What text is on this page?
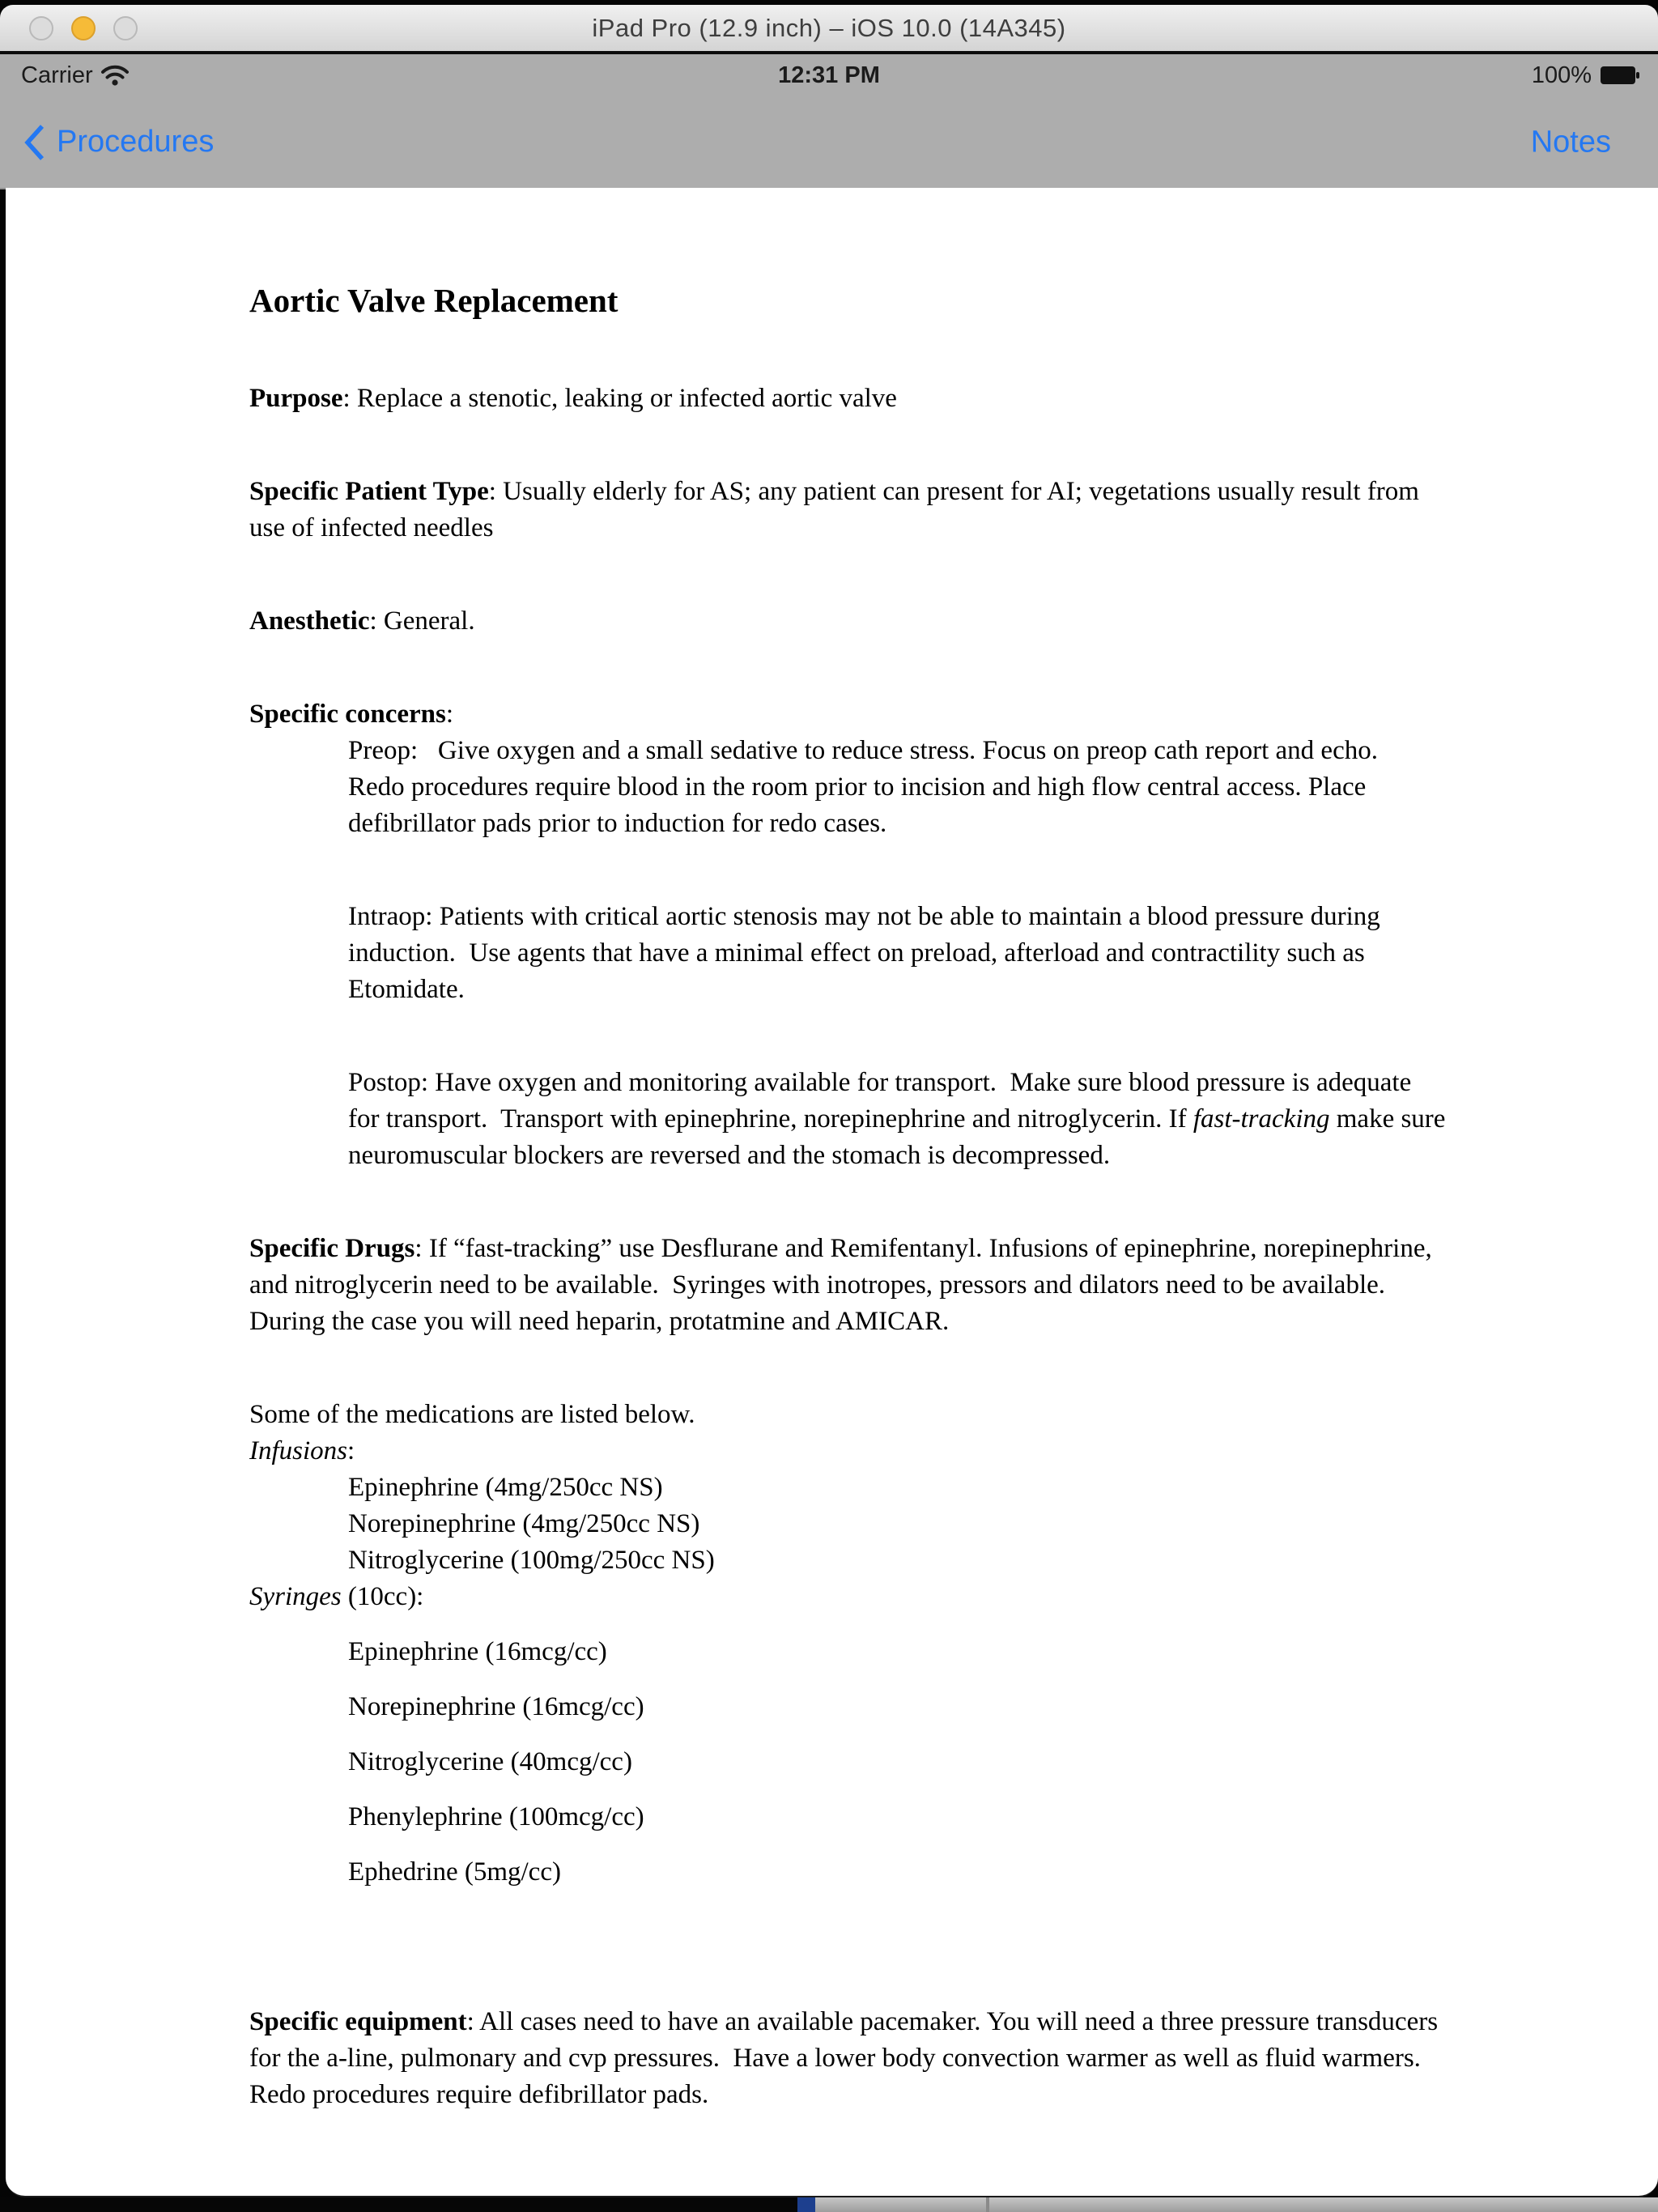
iPad Pro (12.9 inch) – iOS 10.0 (14A345)
Carrier	12:31 PM	100%
Procedures	Notes

Aortic Valve Replacement

Purpose: Replace a stenotic, leaking or infected aortic valve

Specific Patient Type: Usually elderly for AS; any patient can present for AI; vegetations usually result from use of infected needles

Anesthetic: General.

Specific concerns:

Preop:   Give oxygen and a small sedative to reduce stress. Focus on preop cath report and echo.   Redo procedures require blood in the room prior to incision and high flow central access. Place defibrillator pads prior to induction for redo cases.

Intraop: Patients with critical aortic stenosis may not be able to maintain a blood pressure during induction.  Use agents that have a minimal effect on preload, afterload and contractility such as Etomidate.

Postop: Have oxygen and monitoring available for transport.  Make sure blood pressure is adequate for transport.  Transport with epinephrine, norepinephrine and nitroglycerin. If fast-tracking make sure neuromuscular blockers are reversed and the stomach is decompressed.

Specific Drugs: If “fast-tracking” use Desflurane and Remifentanyl. Infusions of epinephrine, norepinephrine, and nitroglycerin need to be available.  Syringes with inotropes, pressors and dilators need to be available. During the case you will need heparin, protatmine and AMICAR.

Some of the medications are listed below.

Infusions:

Epinephrine (4mg/250cc NS)

Norepinephrine (4mg/250cc NS)

Nitroglycerine (100mg/250cc NS)

Syringes (10cc):

Epinephrine (16mcg/cc)

Norepinephrine (16mcg/cc)

Nitroglycerine (40mcg/cc)

Phenylephrine (100mcg/cc)

Ephedrine (5mg/cc)

Specific equipment: All cases need to have an available pacemaker. You will need a three pressure transducers for the a-line, pulmonary and cvp pressures.  Have a lower body convection warmer as well as fluid warmers. Redo procedures require defibrillator pads.
